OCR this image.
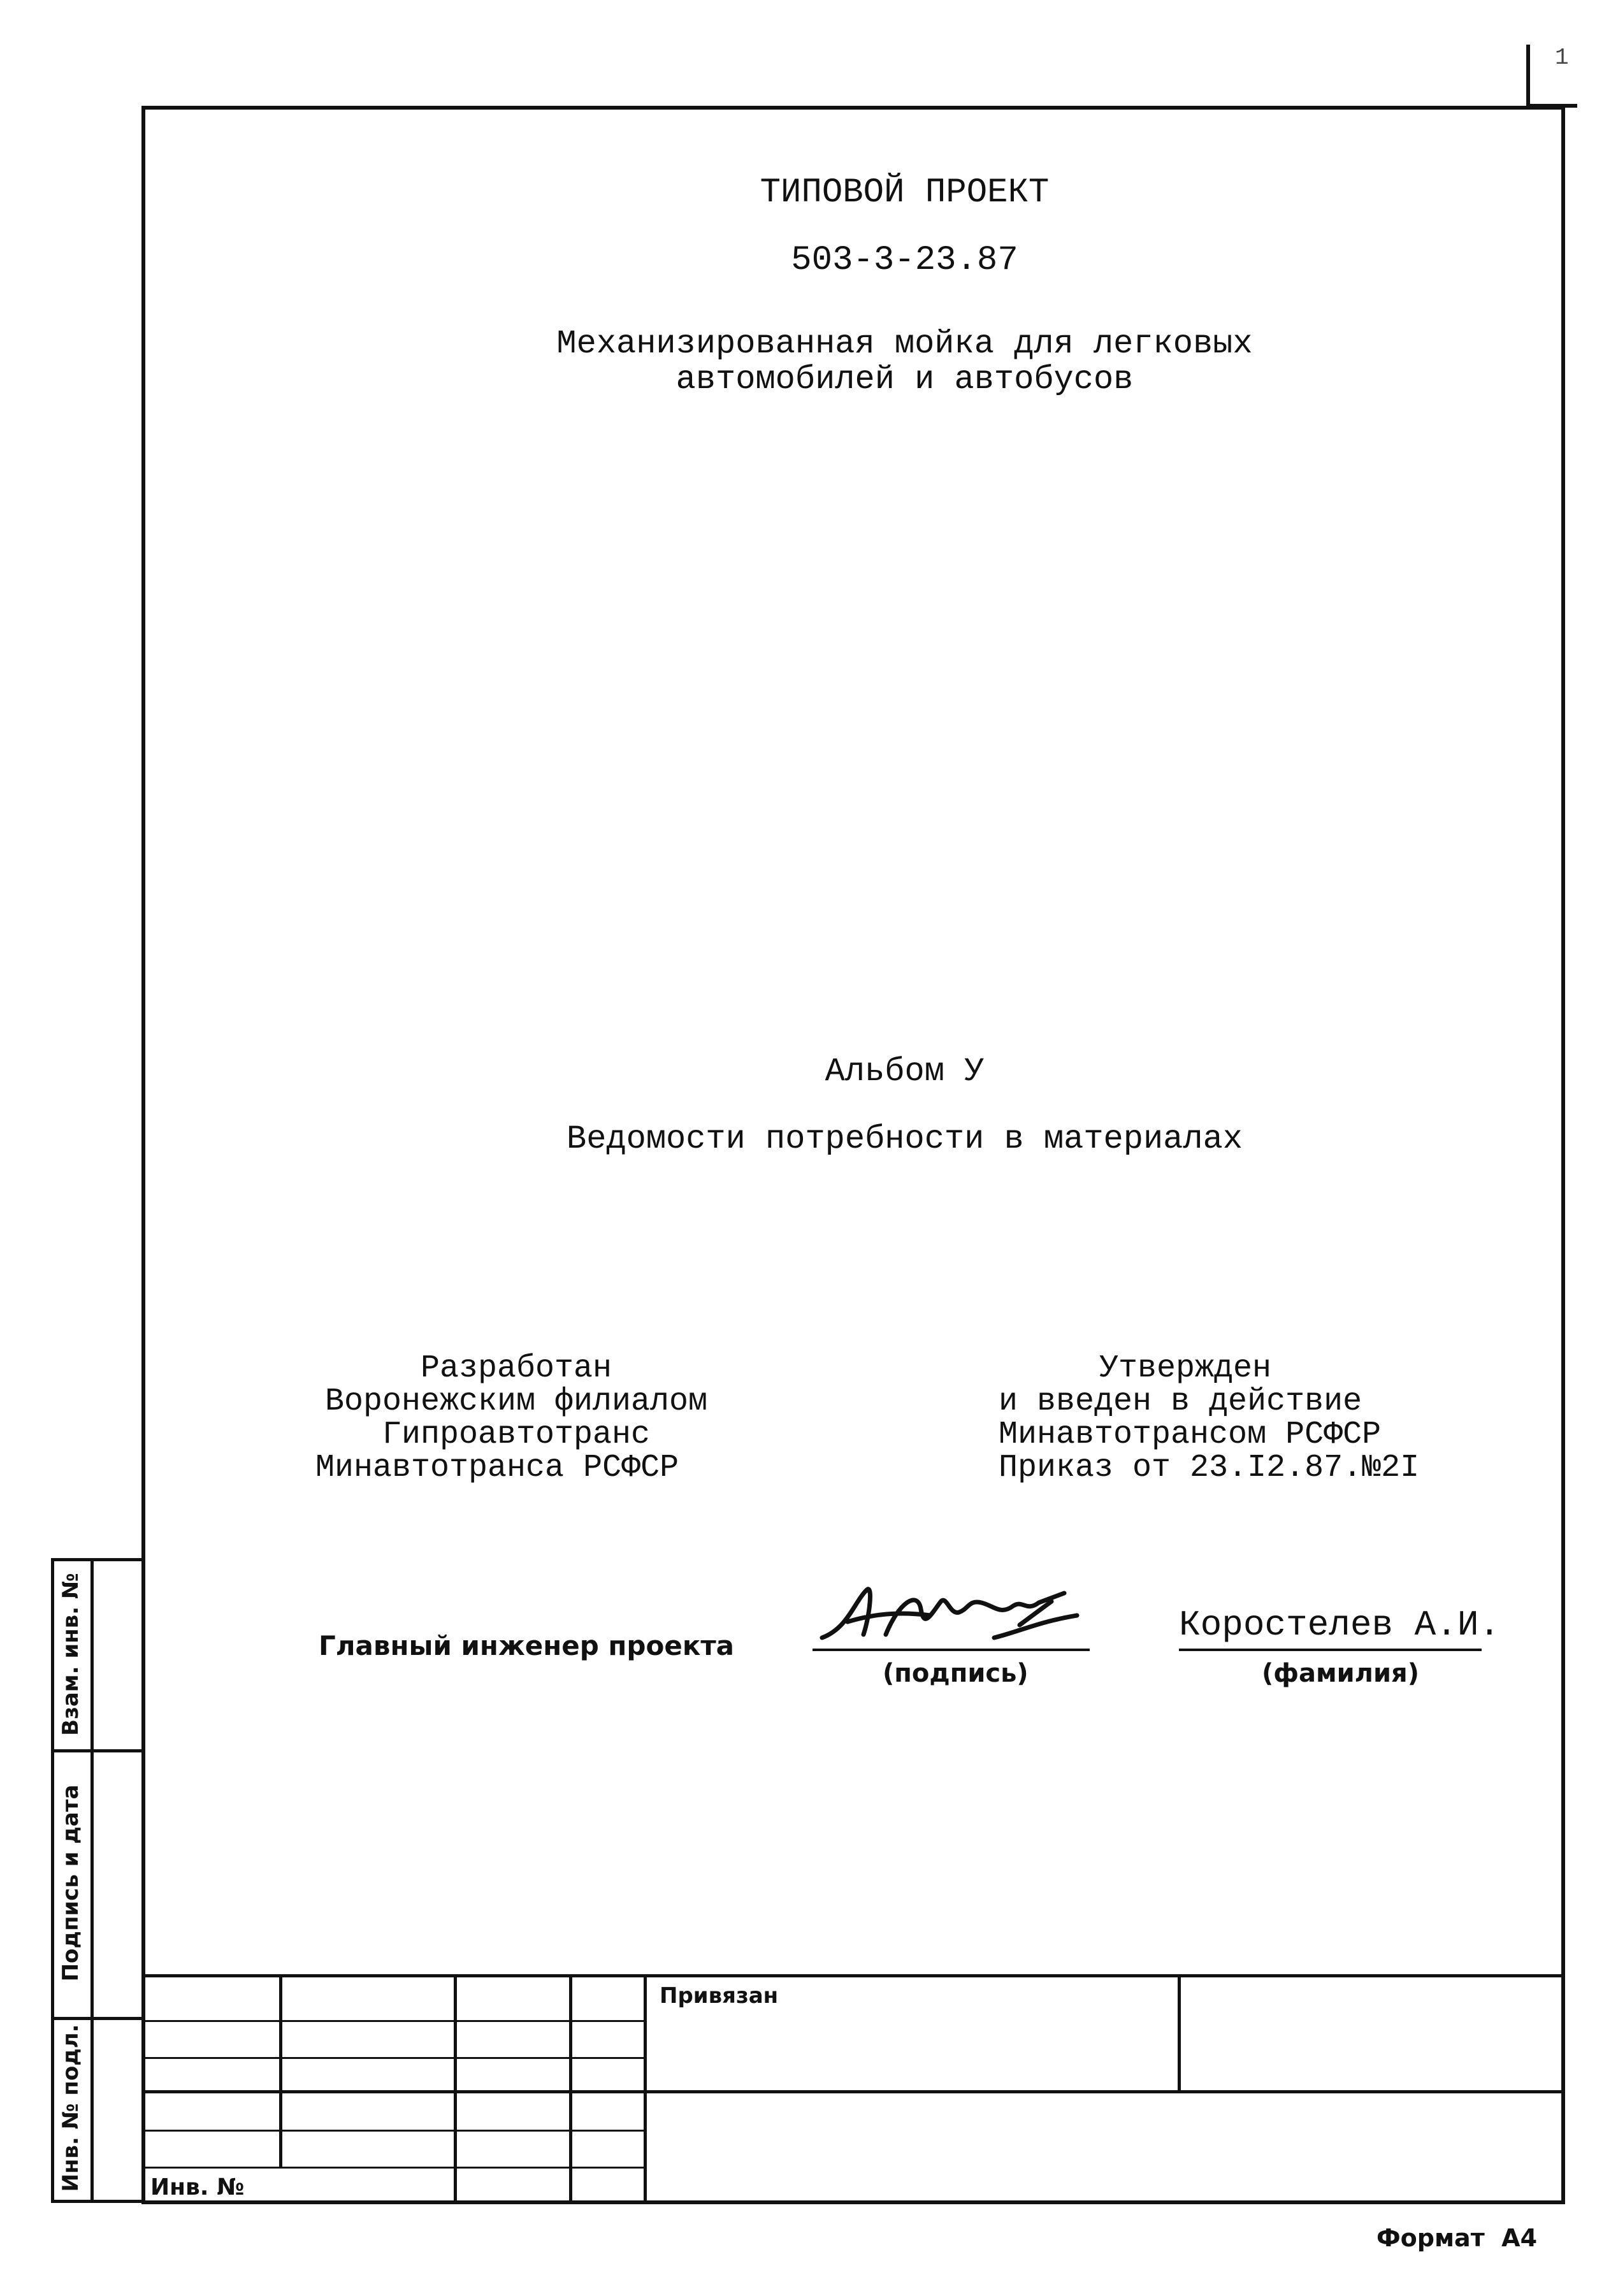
1
ТИПОВОЙ ПРОЕКТ
503-3-23.87
Механизированная мойка для легковых
автомобилей и автобусов
Альбом У
Ведомости потребности в материалах
Разработан
Воронежским филиалом
Гипроавтотранс
Минавтотранса РСФСР
Утвержден
и введен в действие
Минавтотрансом РСФСР
Приказ от 23.I2.87.№2I
Главный инженер проекта
(подпись)
Коростелев А.И.
(фамилия)
Взам. инв. №
Подпись и дата
Инв. № подл.
Привязан
Инв. №
Формат  А4
